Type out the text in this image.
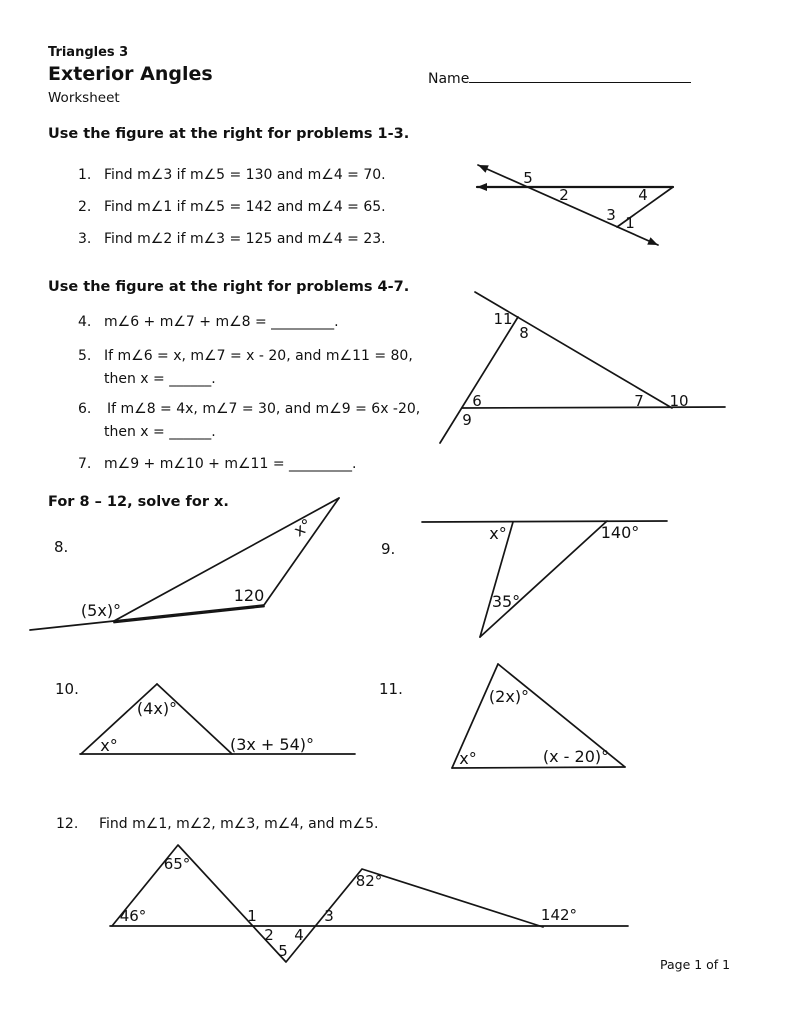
Triangles 3
Exterior Angles
Worksheet
Name
Use the figure at the right for problems 1-3.
1. Find m∠3 if m∠5 = 130 and m∠4 = 70.
2. Find m∠1 if m∠5 = 142 and m∠4 = 65.
3. Find m∠2 if m∠3 = 125 and m∠4 = 23.
5
2	4
3 1
Use the figure at the right for problems 4-7.
4. m∠6 + m∠7 + m∠8 = _________.
5. If m∠6 = x, m∠7 = x - 20, and m∠11 = 80,
then x = ______.
6. If m∠8 = 4x, m∠7 = 30, and m∠9 = 6x -20,
then x = ______.
7. m∠9 + m∠10 + m∠11 = _________.
11
8
6
9
7 10
For 8 – 12, solve for x.
8.
(5x)°
120
x°
9.
x°	140°
35°
10.
(4x)°
x°	(3x + 54)°
11.	(2x)°
x°	(x - 20)°
12. Find m∠1, m∠2, m∠3, m∠4, and m∠5.
46°
65°
1
2
5
4
3
82°
142°
Page 1 of 1
